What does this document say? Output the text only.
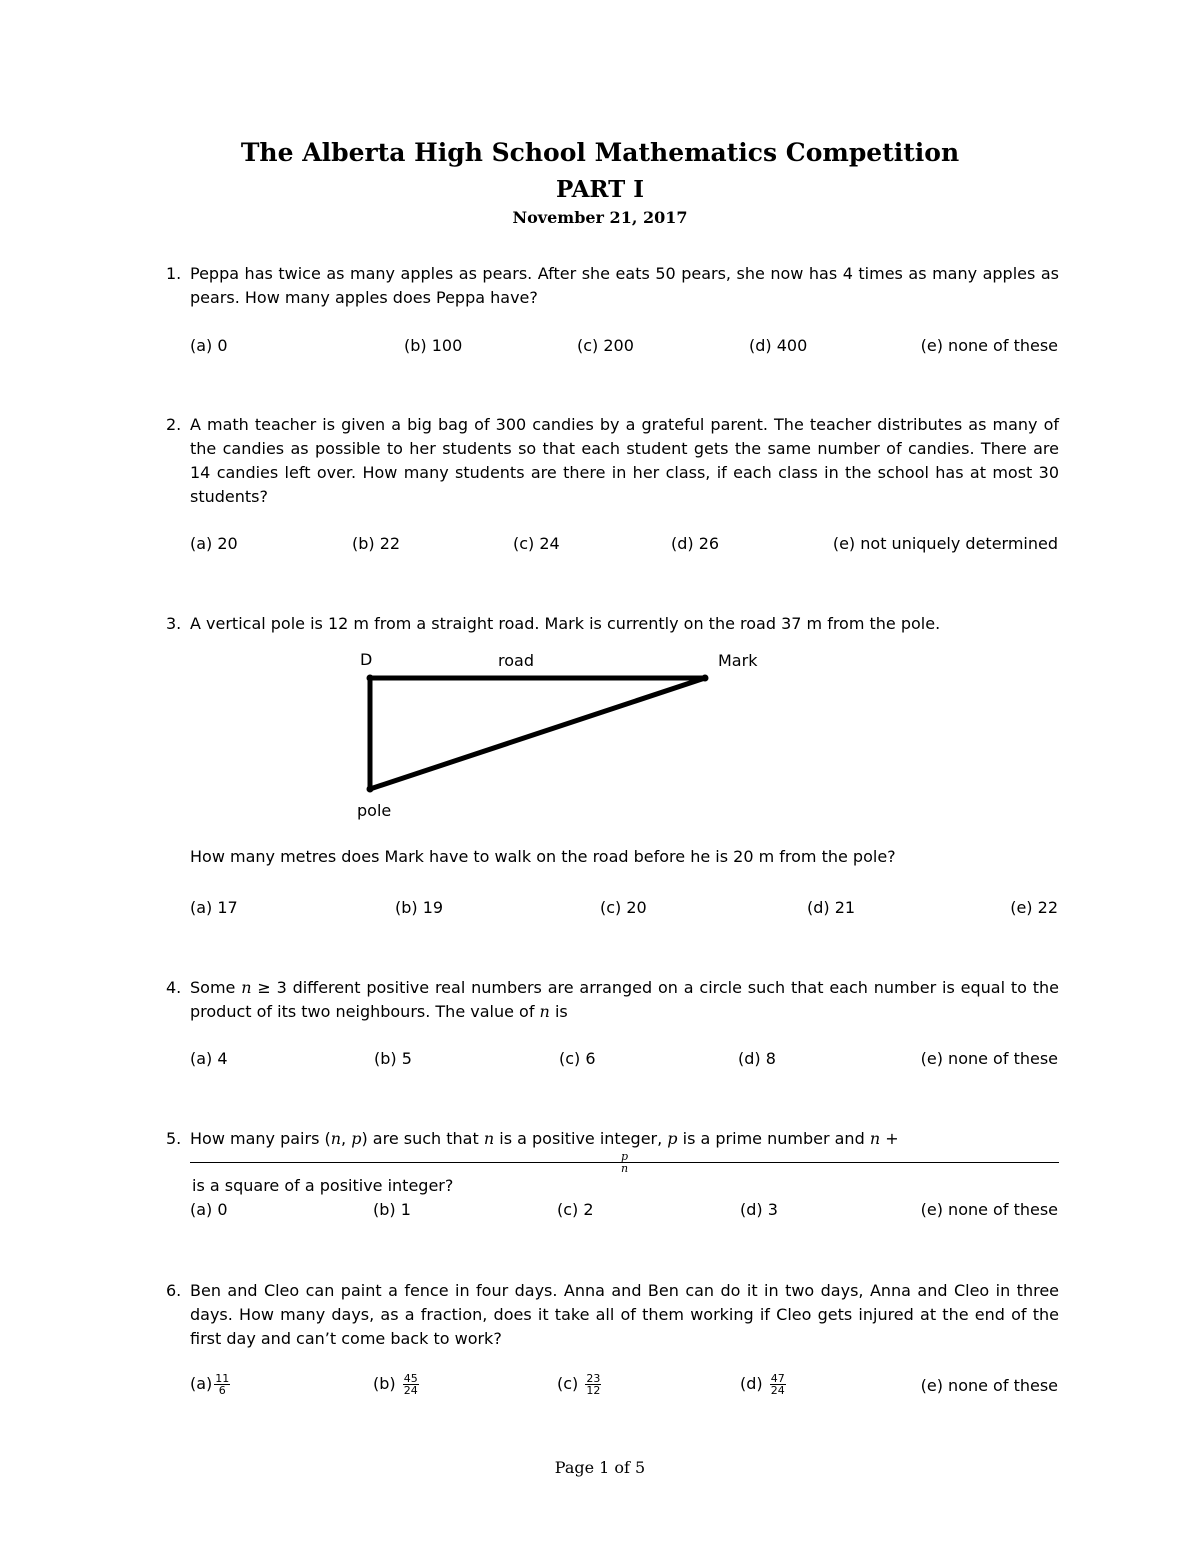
The Alberta High School Mathematics Competition
PART I
November 21, 2017
1. Peppa has twice as many apples as pears. After she eats 50 pears, she now has 4 times as many apples as pears. How many apples does Peppa have?
(a) 0	(b) 100	(c) 200	(d) 400	(e) none of these
2. A math teacher is given a big bag of 300 candies by a grateful parent. The teacher distributes as many of the candies as possible to her students so that each student gets the same number of candies. There are 14 candies left over. How many students are there in her class, if each class in the school has at most 30 students?
(a) 20	(b) 22	(c) 24	(d) 26	(e) not uniquely determined
3. A vertical pole is 12 m from a straight road. Mark is currently on the road 37 m from the pole.
D	road	Mark
pole
How many metres does Mark have to walk on the road before he is 20 m from the pole?
(a) 17	(b) 19	(c) 20	(d) 21	(e) 22
4. Some n ≥ 3 different positive real numbers are arranged on a circle such that each number is equal to the product of its two neighbours. The value of n is
(a) 4	(b) 5	(c) 6	(d) 8	(e) none of these
5. How many pairs (n, p) are such that n is a positive integer, p is a prime number and n +
p
n
is a square of a positive integer?
(a) 0	(b) 1	(c) 2	(d) 3	(e) none of these
6. Ben and Cleo can paint a fence in four days. Anna and Ben can do it in two days, Anna and Cleo in three days. How many days, as a fraction, does it take all of them working if Cleo gets injured at the end of the first day and can’t come back to work?
$(a) \frac{11}{6}$	$(b) \frac{45}{24}$	$(c) \frac{23}{12}$	$(d) \frac{47}{24}$	(e) none of these
Page 1 of 5
